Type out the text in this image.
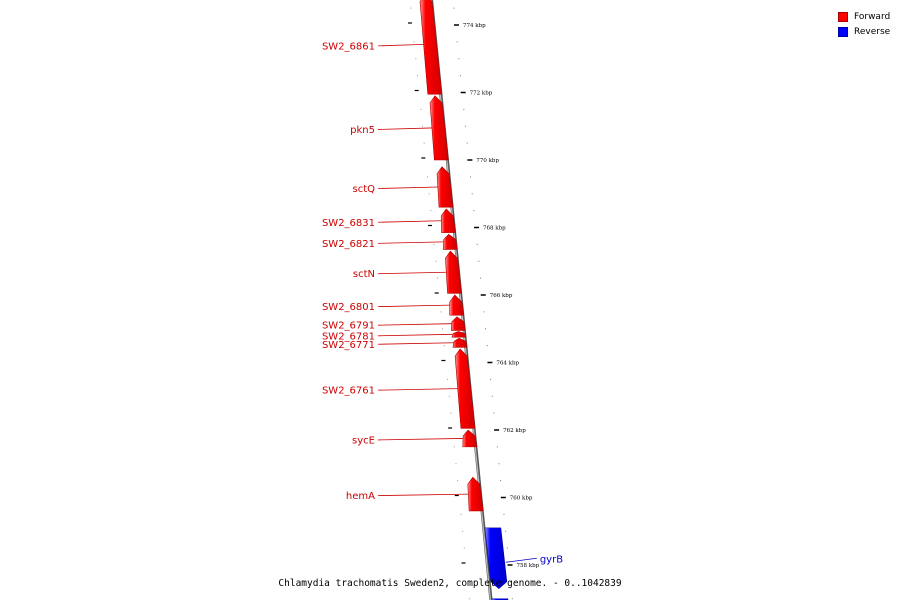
774 kbp
772 kbp
770 kbp
768 kbp
766 kbp
764 kbp
762 kbp
760 kbp
758 kbp
SW2_6861
pkn5
sctQ
SW2_6831
SW2_6821
sctN
SW2_6801
SW2_6791
SW2_6781
SW2_6771
SW2_6761
sycE
hemA
gyrB
Forward
Reverse
Chlamydia trachomatis Sweden2, complete genome. - 0..1042839
